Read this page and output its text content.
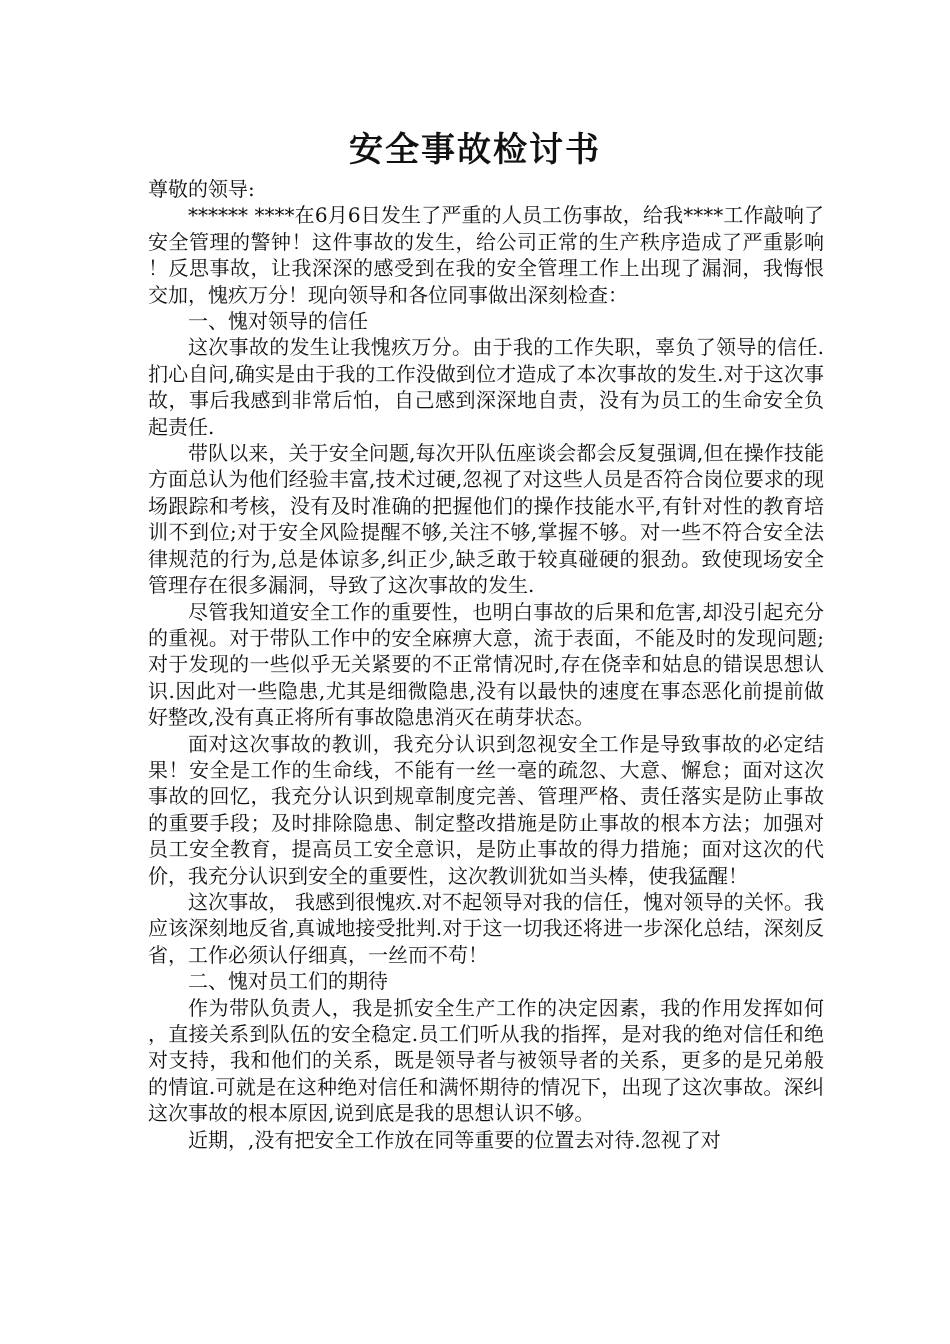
安全事故检讨书

尊敬的领导:

****** ****在6月6日发生了严重的人员工伤事故，给我****工作敲响了安全管理的警钟！这件事故的发生，给公司正常的生产秩序造成了严重影响！反思事故，让我深深的感受到在我的安全管理工作上出现了漏洞，我悔恨交加，愧疚万分！现向领导和各位同事做出深刻检查：

一、愧对领导的信任

这次事故的发生让我愧疚万分。由于我的工作失职，辜负了领导的信任.扪心自问,确实是由于我的工作没做到位才造成了本次事故的发生.对于这次事故，事后我感到非常后怕，自己感到深深地自责，没有为员工的生命安全负起责任.

带队以来，关于安全问题,每次开队伍座谈会都会反复强调,但在操作技能方面总认为他们经验丰富,技术过硬,忽视了对这些人员是否符合岗位要求的现场跟踪和考核，没有及时准确的把握他们的操作技能水平,有针对性的教育培训不到位;对于安全风险提醒不够,关注不够,掌握不够。对一些不符合安全法律规范的行为,总是体谅多,纠正少,缺乏敢于较真碰硬的狠劲。致使现场安全管理存在很多漏洞，导致了这次事故的发生.

尽管我知道安全工作的重要性，也明白事故的后果和危害,却没引起充分的重视。对于带队工作中的安全麻痹大意，流于表面，不能及时的发现问题;对于发现的一些似乎无关紧要的不正常情况时,存在侥幸和姑息的错误思想认识.因此对一些隐患,尤其是细微隐患,没有以最快的速度在事态恶化前提前做好整改,没有真正将所有事故隐患消灭在萌芽状态。

面对这次事故的教训，我充分认识到忽视安全工作是导致事故的必定结果！安全是工作的生命线，不能有一丝一毫的疏忽、大意、懈怠；面对这次事故的回忆，我充分认识到规章制度完善、管理严格、责任落实是防止事故的重要手段；及时排除隐患、制定整改措施是防止事故的根本方法；加强对员工安全教育，提高员工安全意识，是防止事故的得力措施；面对这次的代价，我充分认识到安全的重要性，这次教训犹如当头棒，使我猛醒！

这次事故， 我感到很愧疚.对不起领导对我的信任，愧对领导的关怀。我应该深刻地反省,真诚地接受批判.对于这一切我还将进一步深化总结，深刻反省，工作必须认仔细真，一丝而不苟！

二、愧对员工们的期待

作为带队负责人，我是抓安全生产工作的决定因素，我的作用发挥如何，直接关系到队伍的安全稳定.员工们听从我的指挥，是对我的绝对信任和绝对支持，我和他们的关系，既是领导者与被领导者的关系，更多的是兄弟般的情谊.可就是在这种绝对信任和满怀期待的情况下，出现了这次事故。深纠这次事故的根本原因,说到底是我的思想认识不够。

近期，,没有把安全工作放在同等重要的位置去对待.忽视了对
